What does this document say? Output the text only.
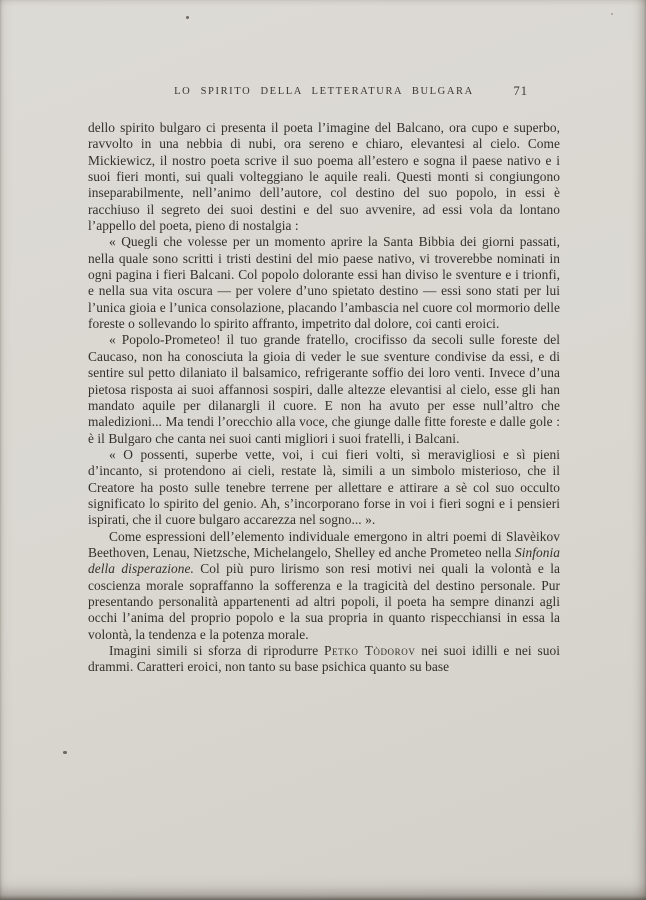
LO SPIRITO DELLA LETTERATURA BULGARA	71

dello spirito bulgaro ci presenta il poeta l’imagine del Balcano, ora cupo e superbo, ravvolto in una nebbia di nubi, ora sereno e chiaro, elevantesi al cielo. Come Mickiewicz, il nostro poeta scrive il suo poema all’estero e sogna il paese nativo e i suoi fieri monti, sui quali volteggiano le aquile reali. Questi monti si congiungono inseparabilmente, nell’animo dell’autore, col destino del suo popolo, in essi è racchiuso il segreto dei suoi destini e del suo avvenire, ad essi vola da lontano l’appello del poeta, pieno di nostalgia :

« Quegli che volesse per un momento aprire la Santa Bibbia dei giorni passati, nella quale sono scritti i tristi destini del mio paese nativo, vi troverebbe nominati in ogni pagina i fieri Balcani. Col popolo dolorante essi han diviso le sventure e i trionfi, e nella sua vita oscura — per volere d’uno spietato destino — essi sono stati per lui l’unica gioia e l’unica consolazione, placando l’ambascia nel cuore col mormorio delle foreste o sollevando lo spirito affranto, impetrito dal dolore, coi canti eroici.

« Popolo-Prometeo! il tuo grande fratello, crocifisso da secoli sulle foreste del Caucaso, non ha conosciuta la gioia di veder le sue sventure condivise da essi, e di sentire sul petto dilaniato il balsamico, refrigerante soffio dei loro venti. Invece d’una pietosa risposta ai suoi affannosi sospiri, dalle altezze elevantisi al cielo, esse gli han mandato aquile per dilanargli il cuore. E non ha avuto per esse null’altro che maledizioni... Ma tendi l’orecchio alla voce, che giunge dalle fitte foreste e dalle gole : è il Bulgaro che canta nei suoi canti migliori i suoi fratelli, i Balcani.

« O possenti, superbe vette, voi, i cui fieri volti, sì meravigliosi e sì pieni d’incanto, si protendono ai cieli, restate là, simili a un simbolo misterioso, che il Creatore ha posto sulle tenebre terrene per allettare e attirare a sè col suo occulto significato lo spirito del genio. Ah, s’incorporano forse in voi i fieri sogni e i pensieri ispirati, che il cuore bulgaro accarezza nel sogno... ».

Come espressioni dell’elemento individuale emergono in altri poemi di Slavèikov Beethoven, Lenau, Nietzsche, Michelangelo, Shelley ed anche Prometeo nella Sinfonia della disperazione. Col più puro lirismo son resi motivi nei quali la volontà e la coscienza morale sopraffanno la sofferenza e la tragicità del destino personale. Pur presentando personalità appartenenti ad altri popoli, il poeta ha sempre dinanzi agli occhi l’anima del proprio popolo e la sua propria in quanto rispecchiansi in essa la volontà, la tendenza e la potenza morale.

Imagini simili si sforza di riprodurre Petko Tòdorov nei suoi idilli e nei suoi drammi. Caratteri eroici, non tanto su base psichica quanto su base
